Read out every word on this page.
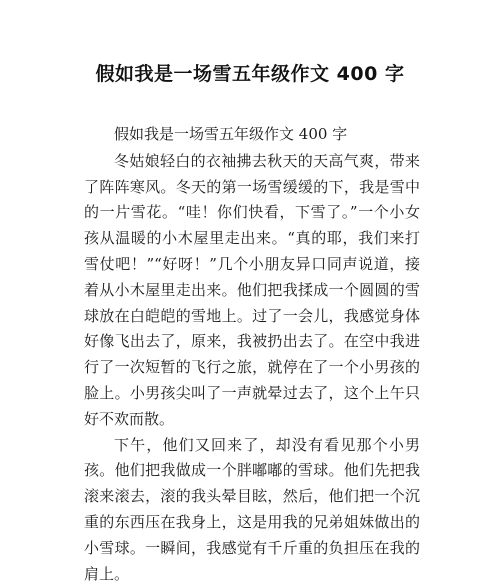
假如我是一场雪五年级作文 400 字

假如我是一场雪五年级作文 400 字

冬姑娘轻白的衣袖拂去秋天的天高气爽，带来了阵阵寒风。冬天的第一场雪缓缓的下，我是雪中的一片雪花。“哇！你们快看，下雪了。”一个小女孩从温暖的小木屋里走出来。“真的耶，我们来打雪仗吧！”“好呀！”几个小朋友异口同声说道，接着从小木屋里走出来。他们把我揉成一个圆圆的雪球放在白皑皑的雪地上。过了一会儿，我感觉身体好像飞出去了，原来，我被扔出去了。在空中我进行了一次短暂的飞行之旅，就停在了一个小男孩的脸上。小男孩尖叫了一声就晕过去了，这个上午只好不欢而散。

下午，他们又回来了，却没有看见那个小男孩。他们把我做成一个胖嘟嘟的雪球。他们先把我滚来滚去，滚的我头晕目眩，然后，他们把一个沉重的东西压在我身上，这是用我的兄弟姐妹做出的小雪球。一瞬间，我感觉有千斤重的负担压在我的肩上。
